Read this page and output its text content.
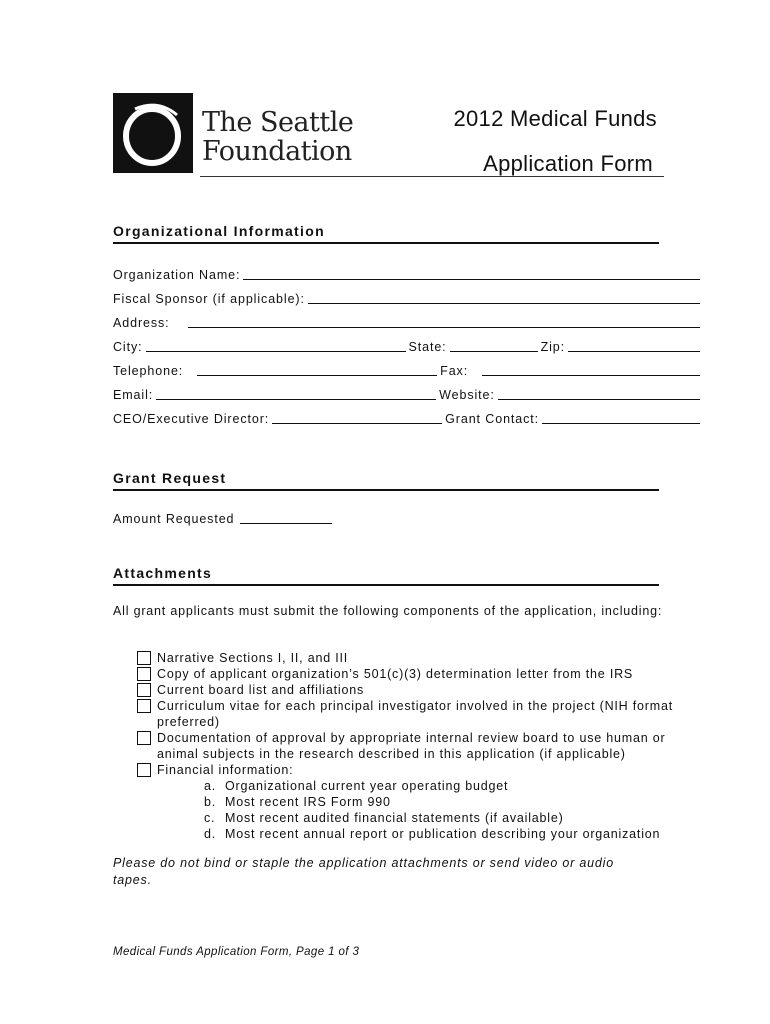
The Seattle
Foundation
2012 Medical Funds
Application Form
Organizational Information
Organization Name:
Fiscal Sponsor (if applicable):
Address:
City:	State:	Zip:
Telephone:	Fax:
Email:	Website:
CEO/Executive Director:	Grant Contact:
Grant Request
Amount Requested
Attachments
All grant applicants must submit the following components of the application, including:
Narrative Sections I, II, and III
Copy of applicant organization’s 501(c)(3) determination letter from the IRS
Current board list and affiliations
Curriculum vitae for each principal investigator involved in the project (NIH format preferred)
Documentation of approval by appropriate internal review board to use human or animal subjects in the research described in this application (if applicable)
Financial information:
a. Organizational current year operating budget
b. Most recent IRS Form 990
c. Most recent audited financial statements (if available)
d. Most recent annual report or publication describing your organization
Please do not bind or staple the application attachments or send video or audio tapes.
Medical Funds Application Form, Page 1 of 3
